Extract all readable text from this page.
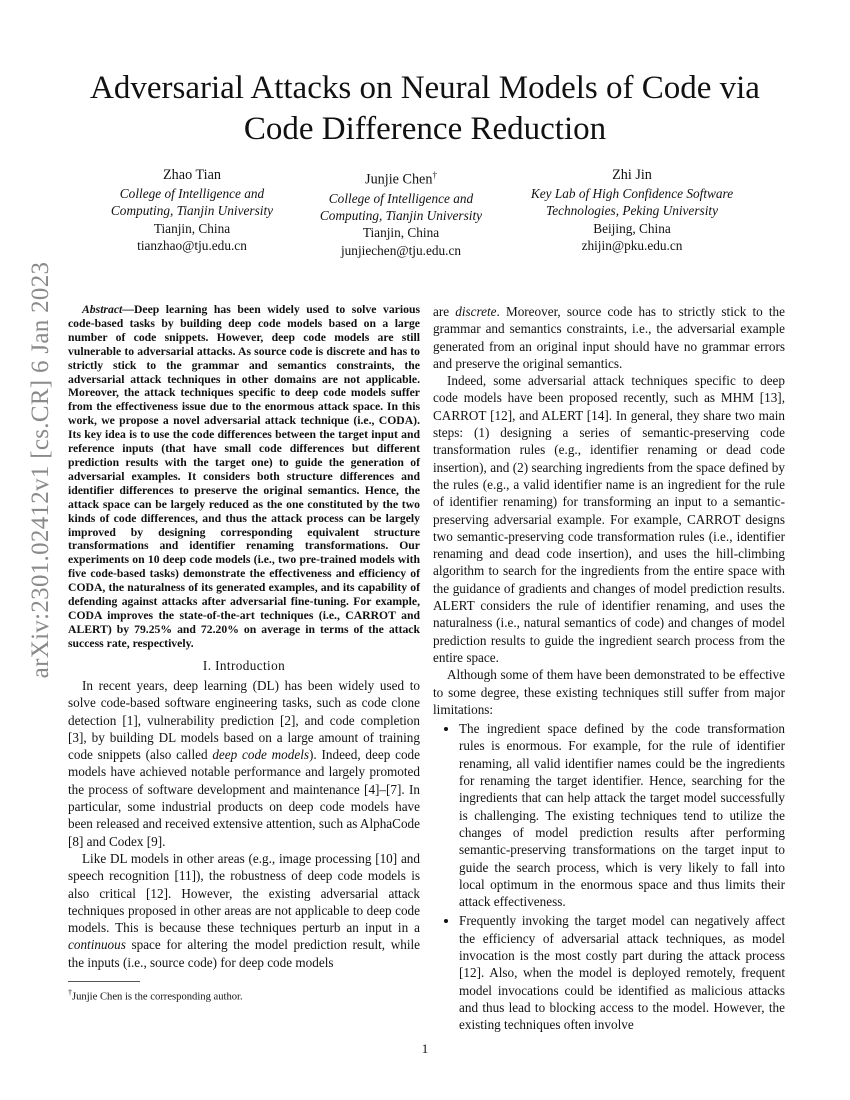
arXiv:2301.02412v1 [cs.CR] 6 Jan 2023
Adversarial Attacks on Neural Models of Code via Code Difference Reduction
Zhao Tian
College of Intelligence and
Computing, Tianjin University
Tianjin, China
tianzhao@tju.edu.cn
Junjie Chen†
College of Intelligence and
Computing, Tianjin University
Tianjin, China
junjiechen@tju.edu.cn
Zhi Jin
Key Lab of High Confidence Software
Technologies, Peking University
Beijing, China
zhijin@pku.edu.cn

Abstract—Deep learning has been widely used to solve various code-based tasks by building deep code models based on a large number of code snippets. However, deep code models are still vulnerable to adversarial attacks. As source code is discrete and has to strictly stick to the grammar and semantics constraints, the adversarial attack techniques in other domains are not applicable. Moreover, the attack techniques specific to deep code models suffer from the effectiveness issue due to the enormous attack space. In this work, we propose a novel adversarial attack technique (i.e., CODA). Its key idea is to use the code differences between the target input and reference inputs (that have small code differences but different prediction results with the target one) to guide the generation of adversarial examples. It considers both structure differences and identifier differences to preserve the original semantics. Hence, the attack space can be largely reduced as the one constituted by the two kinds of code differences, and thus the attack process can be largely improved by designing corresponding equivalent structure transformations and identifier renaming transformations. Our experiments on 10 deep code models (i.e., two pre-trained models with five code-based tasks) demonstrate the effectiveness and efficiency of CODA, the naturalness of its generated examples, and its capability of defending against attacks after adversarial fine-tuning. For example, CODA improves the state-of-the-art techniques (i.e., CARROT and ALERT) by 79.25% and 72.20% on average in terms of the attack success rate, respectively.

I. Introduction

In recent years, deep learning (DL) has been widely used to solve code-based software engineering tasks, such as code clone detection [1], vulnerability prediction [2], and code completion [3], by building DL models based on a large amount of training code snippets (also called deep code models). Indeed, deep code models have achieved notable performance and largely promoted the process of software development and maintenance [4]–[7]. In particular, some industrial products on deep code models have been released and received extensive attention, such as AlphaCode [8] and Codex [9].

Like DL models in other areas (e.g., image processing [10] and speech recognition [11]), the robustness of deep code models is also critical [12]. However, the existing adversarial attack techniques proposed in other areas are not applicable to deep code models. This is because these techniques perturb an input in a continuous space for altering the model prediction result, while the inputs (i.e., source code) for deep code models

†Junjie Chen is the corresponding author.

are discrete. Moreover, source code has to strictly stick to the grammar and semantics constraints, i.e., the adversarial example generated from an original input should have no grammar errors and preserve the original semantics.

Indeed, some adversarial attack techniques specific to deep code models have been proposed recently, such as MHM [13], CARROT [12], and ALERT [14]. In general, they share two main steps: (1) designing a series of semantic-preserving code transformation rules (e.g., identifier renaming or dead code insertion), and (2) searching ingredients from the space defined by the rules (e.g., a valid identifier name is an ingredient for the rule of identifier renaming) for transforming an input to a semantic-preserving adversarial example. For example, CARROT designs two semantic-preserving code transformation rules (i.e., identifier renaming and dead code insertion), and uses the hill-climbing algorithm to search for the ingredients from the entire space with the guidance of gradients and changes of model prediction results. ALERT considers the rule of identifier renaming, and uses the naturalness (i.e., natural semantics of code) and changes of model prediction results to guide the ingredient search process from the entire space.

Although some of them have been demonstrated to be effective to some degree, these existing techniques still suffer from major limitations:

• The ingredient space defined by the code transformation rules is enormous. For example, for the rule of identifier renaming, all valid identifier names could be the ingredients for renaming the target identifier. Hence, searching for the ingredients that can help attack the target model successfully is challenging. The existing techniques tend to utilize the changes of model prediction results after performing semantic-preserving transformations on the target input to guide the search process, which is very likely to fall into local optimum in the enormous space and thus limits their attack effectiveness.
• Frequently invoking the target model can negatively affect the efficiency of adversarial attack techniques, as model invocation is the most costly part during the attack process [12]. Also, when the model is deployed remotely, frequent model invocations could be identified as malicious attacks and thus lead to blocking access to the model. However, the existing techniques often involve
1
